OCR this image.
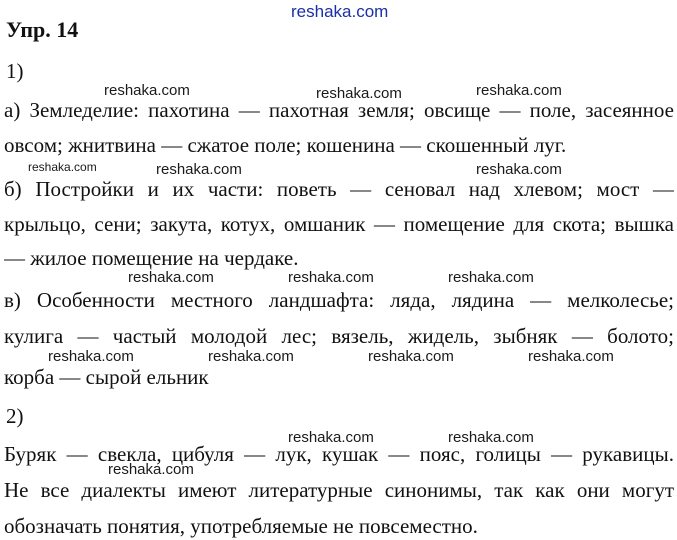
reshaka.com
Упр. 14
1)
reshaka.com	reshaka.com	reshaka.com
а) Земледелие: пахотина — пахотная земля; овсище — поле, засеянное
овсом; жнитвина — сжатое поле; кошенина — скошенный луг.
reshaka.com	reshaka.com	reshaka.com
б) Постройки и их части: поветь — сеновал над хлевом; мост —
крыльцо, сени; закута, котух, омшаник — помещение для скота; вышка
— жилое помещение на чердаке.
reshaka.com	reshaka.com	reshaka.com
в) Особенности местного ландшафта: ляда, лядина — мелколесье;
кулига — частый молодой лес; вязель, жидель, зыбняк — болото;
reshaka.com	reshaka.com	reshaka.com	reshaka.com
корба — сырой ельник
2)
reshaka.com	reshaka.com
Буряк — свекла, цибуля — лук, кушак — пояс, голицы — рукавицы.
reshaka.com
Не все диалекты имеют литературные синонимы, так как они могут
обозначать понятия, употребляемые не повсеместно.
